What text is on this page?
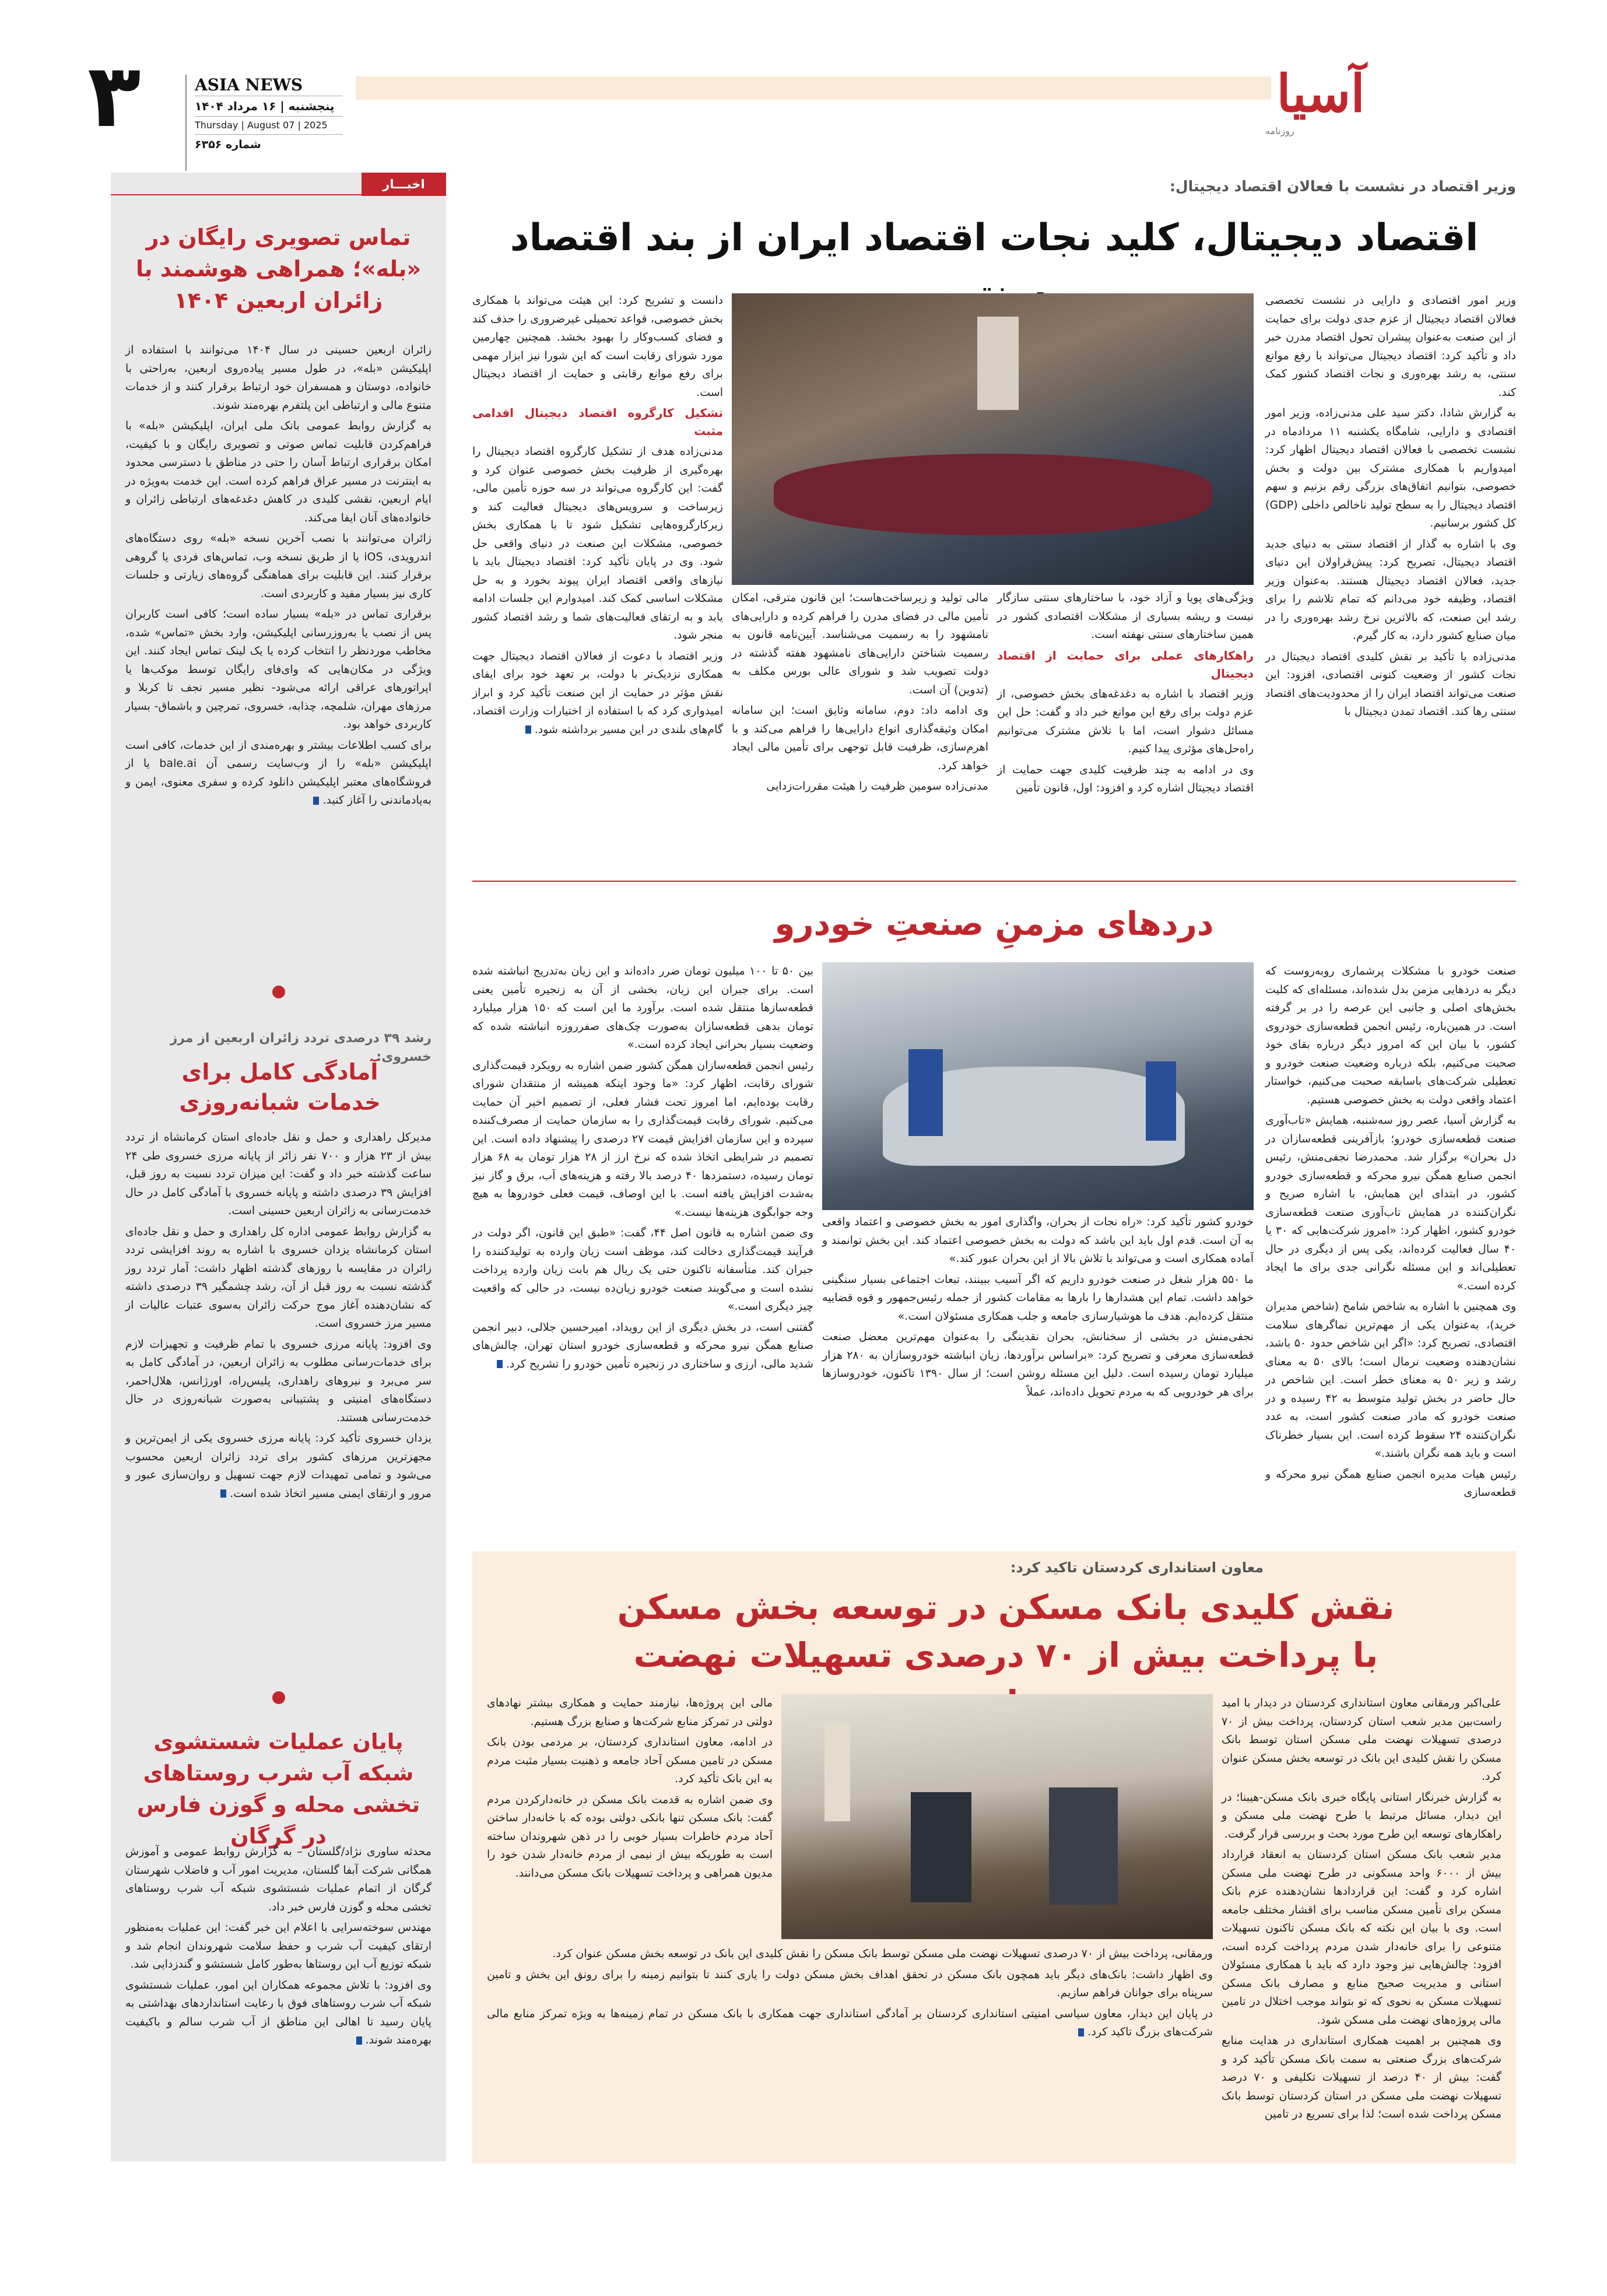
۳	ASIA NEWS
پنجشنبه | ۱۶ مرداد ۱۴۰۴
Thursday | August 07 | 2025
شماره ۶۳۵۶
آسیا
روزنامه
اخبـــار
تماس تصویری رایگان در «بله»؛ همراهی هوشمند با زائران اربعین ۱۴۰۴

زائران اربعین حسینی در سال ۱۴۰۴ می‌توانند با استفاده از اپلیکیشن «بله»، در طول مسیر پیاده‌روی اربعین، به‌راحتی با خانواده، دوستان و همسفران خود ارتباط برقرار کنند و از خدمات متنوع مالی و ارتباطی این پلتفرم بهره‌مند شوند.

به گزارش روابط عمومی بانک ملی ایران، اپلیکیشن «بله» با فراهم‌کردن قابلیت تماس صوتی و تصویری رایگان و با کیفیت، امکان برقراری ارتباط آسان را حتی در مناطق با دسترسی محدود به اینترنت در مسیر عراق فراهم کرده است. این خدمت به‌ویژه در ایام اربعین، نقشی کلیدی در کاهش دغدغه‌های ارتباطی زائران و خانواده‌های آنان ایفا می‌کند.

زائران می‌توانند با نصب آخرین نسخه «بله» روی دستگاه‌های اندرویدی، iOS یا از طریق نسخه وب، تماس‌های فردی یا گروهی برقرار کنند. این قابلیت برای هماهنگی گروه‌های زیارتی و جلسات کاری نیز بسیار مفید و کاربردی است.

برقراری تماس در «بله» بسیار ساده است؛ کافی است کاربران پس از نصب یا به‌روزرسانی اپلیکیشن، وارد بخش «تماس» شده، مخاطب موردنظر را انتخاب کرده یا یک لینک تماس ایجاد کنند. این ویژگی در مکان‌هایی که وای‌فای رایگان توسط موکب‌ها یا اپراتورهای عراقی ارائه می‌شود- نظیر مسیر نجف تا کربلا و مرزهای مهران، شلمچه، چذابه، خسروی، تمرچین و باشماق- بسیار کاربردی خواهد بود.

برای کسب اطلاعات بیشتر و بهره‌مندی از این خدمات، کافی است اپلیکیشن «بله» را از وب‌سایت رسمی آن bale.ai یا از فروشگاه‌های معتبر اپلیکیشن دانلود کرده و سفری معنوی، ایمن و به‌یادماندنی را آغاز کنید.

رشد ۳۹ درصدی تردد زائران اربعین از مرز خسروی:
آمادگی کامل برای خدمات شبانه‌روزی

مدیرکل راهداری و حمل و نقل جاده‌ای استان کرمانشاه از تردد بیش از ۲۳ هزار و ۷۰۰ نفر زائر از پایانه مرزی خسروی طی ۲۴ ساعت گذشته خبر داد و گفت: این میزان تردد نسبت به روز قبل، افزایش ۳۹ درصدی داشته و پایانه خسروی با آمادگی کامل در حال خدمت‌رسانی به زائران اربعین حسینی است.

به گزارش روابط عمومی اداره کل راهداری و حمل و نقل جاده‌ای استان کرمانشاه یزدان خسروی با اشاره به روند افزایشی تردد زائران در مقایسه با روزهای گذشته اظهار داشت: آمار تردد روز گذشته نسبت به روز قبل از آن، رشد چشمگیر ۳۹ درصدی داشته که نشان‌دهنده آغاز موج حرکت زائران به‌سوی عتبات عالیات از مسیر مرز خسروی است.

وی افزود: پایانه مرزی خسروی با تمام ظرفیت و تجهیزات لازم برای خدمات‌رسانی مطلوب به زائران اربعین، در آمادگی کامل به سر می‌برد و نیروهای راهداری، پلیس‌راه، اورژانس، هلال‌احمر، دستگاه‌های امنیتی و پشتیبانی به‌صورت شبانه‌روزی در حال خدمت‌رسانی هستند.

یزدان خسروی تأکید کرد: پایانه مرزی خسروی یکی از ایمن‌ترین و مجهزترین مرزهای کشور برای تردد زائران اربعین محسوب می‌شود و تمامی تمهیدات لازم جهت تسهیل و روان‌سازی عبور و مرور و ارتقای ایمنی مسیر اتخاذ شده است.

پایان عملیات شستشوی شبکه آب شرب روستاهای تخشی محله و گوزن فارس در گرگان

محدثه ساوری نژاد/گلستان – به گزارش روابط عمومی و آموزش همگانی شرکت آبفا گلستان، مدیریت امور آب و فاضلاب شهرستان گرگان از اتمام عملیات شستشوی شبکه آب شرب روستاهای تخشی محله و گوزن فارس خبر داد.

مهندس سوخته‌سرایی با اعلام این خبر گفت: این عملیات به‌منظور ارتقای کیفیت آب شرب و حفظ سلامت شهروندان انجام شد و شبکه توزیع آب این روستاها به‌طور کامل شستشو و گندزدایی شد.

وی افزود: با تلاش مجموعه همکاران این امور، عملیات شستشوی شبکه آب شرب روستاهای فوق با رعایت استانداردهای بهداشتی به پایان رسید تا اهالی این مناطق از آب شرب سالم و باکیفیت بهره‌مند شوند.

وزیر اقتصاد در نشست با فعالان اقتصاد دیجیتال:
اقتصاد دیجیتال، کلید نجات اقتصاد ایران از بند اقتصاد

وزیر امور اقتصادی و دارایی در نشست تخصصی فعالان اقتصاد دیجیتال از عزم جدی دولت برای حمایت از این صنعت به‌عنوان پیشران تحول اقتصاد مدرن خبر داد و تأکید کرد: اقتصاد دیجیتال می‌تواند با رفع موانع سنتی، به رشد بهره‌وری و نجات اقتصاد کشور کمک کند.

به گزارش شادا، دکتر سید علی مدنی‌زاده، وزیر امور اقتصادی و دارایی، شامگاه یکشنبه ۱۱ مردادماه در نشست تخصصی با فعالان اقتصاد دیجیتال اظهار کرد: امیدواریم با همکاری مشترک بین دولت و بخش خصوصی، بتوانیم اتفاق‌های بزرگی رقم بزنیم و سهم اقتصاد دیجیتال را به سطح تولید ناخالص داخلی (GDP) کل کشور برسانیم.

وی با اشاره به گذار از اقتصاد سنتی به دنیای جدید اقتصاد دیجیتال، تصریح کرد: پیش‌قراولان این دنیای جدید، فعالان اقتصاد دیجیتال هستند. به‌عنوان وزیر اقتصاد، وظیفه خود می‌دانم که تمام تلاشم را برای رشد این صنعت، که بالاترین نرخ رشد بهره‌وری را در میان صنایع کشور دارد، به کار گیرم.

مدنی‌زاده با تأکید بر نقش کلیدی اقتصاد دیجیتال در نجات کشور از وضعیت کنونی اقتصادی، افزود: این صنعت می‌تواند اقتصاد ایران را از محدودیت‌های اقتصاد سنتی رها کند. اقتصاد تمدن دیجیتال با

ویژگی‌های پویا و آزاد خود، با ساختارهای سنتی سازگار نیست و ریشه بسیاری از مشکلات اقتصادی کشور در همین ساختارهای سنتی نهفته است.

راهکارهای عملی برای حمایت از اقتصاد دیجیتال

وزیر اقتصاد با اشاره به دغدغه‌های بخش خصوصی، از عزم دولت برای رفع این موانع خبر داد و گفت: حل این مسائل دشوار است، اما با تلاش مشترک می‌توانیم راه‌حل‌های مؤثری پیدا کنیم.

وی در ادامه به چند ظرفیت کلیدی جهت حمایت از اقتصاد دیجیتال اشاره کرد و افزود: اول، قانون تأمین

مالی تولید و زیرساخت‌هاست؛ این قانون مترقی، امکان تأمین مالی در فضای مدرن را فراهم کرده و دارایی‌های نامشهود را به رسمیت می‌شناسد. آیین‌نامه قانون به رسمیت شناختن دارایی‌های نامشهود هفته گذشته در دولت تصویب شد و شورای عالی بورس مکلف به (تدوین) آن است.

وی ادامه داد: دوم، سامانه وثایق است؛ این سامانه امکان وثیقه‌گذاری انواع دارایی‌ها را فراهم می‌کند و با اهرم‌سازی، ظرفیت قابل توجهی برای تأمین مالی ایجاد خواهد کرد.

مدنی‌زاده سومین ظرفیت را هیئت مقررات‌زدایی

دانست و تشریح کرد: این هیئت می‌تواند با همکاری بخش خصوصی، قواعد تحمیلی غیرضروری را حذف کند و فضای کسب‌وکار را بهبود بخشد. همچنین چهارمین مورد شورای رقابت است که این شورا نیز ابزار مهمی برای رفع موانع رقابتی و حمایت از اقتصاد دیجیتال است.

تشکیل کارگروه اقتصاد دیجیتال اقدامی مثبت

مدنی‌زاده هدف از تشکیل کارگروه اقتصاد دیجیتال را بهره‌گیری از ظرفیت بخش خصوصی عنوان کرد و گفت: این کارگروه می‌تواند در سه حوزه تأمین مالی، زیرساخت و سرویس‌های دیجیتال فعالیت کند و زیرکارگروه‌هایی تشکیل شود تا با همکاری بخش خصوصی، مشکلات این صنعت در دنیای واقعی حل شود. وی در پایان تأکید کرد: اقتصاد دیجیتال باید با نیازهای واقعی اقتصاد ایران پیوند بخورد و به حل مشکلات اساسی کمک کند. امیدوارم این جلسات ادامه یابد و به ارتقای فعالیت‌های شما و رشد اقتصاد کشور منجر شود.

وزیر اقتصاد با دعوت از فعالان اقتصاد دیجیتال جهت همکاری نزدیک‌تر با دولت، بر تعهد خود برای ایفای نقش مؤثر در حمایت از این صنعت تأکید کرد و ابراز امیدواری کرد که با استفاده از اختیارات وزارت اقتصاد، گام‌های بلندی در این مسیر برداشته شود.

دردهای مزمنِ صنعتِ خودرو

صنعت خودرو با مشکلات پرشماری روبه‌روست که دیگر به دردهایی مزمن بدل شده‌اند، مسئله‌ای که کلیت بخش‌های اصلی و جانبی این عرصه را در بر گرفته است. در همین‌باره، رئیس انجمن قطعه‌سازی خودروی کشور، با بیان این که امروز دیگر درباره بقای خود صحبت می‌کنیم، بلکه درباره وضعیت صنعت خودرو و تعطیلی شرکت‌های باسابقه صحبت می‌کنیم، خواستار اعتماد واقعی دولت به بخش خصوصی هستیم.

به گزارش آسیا، عصر روز سه‌شنبه، همایش «تاب‌آوری صنعت قطعه‌سازی خودرو؛ بازآفرینی قطعه‌سازان در دل بحران» برگزار شد. محمدرضا نجفی‌منش، رئیس انجمن صنایع همگن نیرو محرکه و قطعه‌سازی خودرو کشور، در ابتدای این همایش، با اشاره صریح و نگران‌کننده در همایش تاب‌آوری صنعت قطعه‌سازی خودرو کشور، اظهار کرد: «امروز شرکت‌هایی که ۳۰ یا ۴۰ سال فعالیت کرده‌اند، یکی پس از دیگری در حال تعطیلی‌اند و این مسئله نگرانی جدی برای ما ایجاد کرده است.»

وی همچنین با اشاره به شاخص شامخ (شاخص مدیران خرید)، به‌عنوان یکی از مهم‌ترین نماگرهای سلامت اقتصادی، تصریح کرد: «اگر این شاخص حدود ۵۰ باشد، نشان‌دهنده وضعیت نرمال است؛ بالای ۵۰ به معنای رشد و زیر ۵۰ به معنای خطر است. این شاخص در حال حاضر در بخش تولید متوسط به ۴۲ رسیده و در صنعت خودرو که مادر صنعت کشور است، به عدد نگران‌کننده ۲۴ سقوط کرده است. این بسیار خطرناک است و باید همه نگران باشند.»

رئیس هیات مدیره انجمن صنایع همگن نیرو محرکه و قطعه‌سازی

خودرو کشور تأکید کرد: «راه نجات از بحران، واگذاری امور به بخش خصوصی و اعتماد واقعی به آن است. قدم اول باید این باشد که دولت به بخش خصوصی اعتماد کند. این بخش توانمند و آماده همکاری است و می‌تواند با تلاش بالا از این بحران عبور کند.»

ما ۵۵۰ هزار شغل در صنعت خودرو داریم که اگر آسیب ببینند، تبعات اجتماعی بسیار سنگینی خواهد داشت. تمام این هشدارها را بارها به مقامات کشور از جمله رئیس‌جمهور و قوه قضاییه منتقل کرده‌ایم. هدف ما هوشیارسازی جامعه و جلب همکاری مسئولان است.»

نجفی‌منش در بخشی از سخنانش، بحران نقدینگی را به‌عنوان مهم‌ترین معضل صنعت قطعه‌سازی معرفی و تصریح کرد: «براساس برآوردها، زیان انباشته خودروسازان به ۲۸۰ هزار میلیارد تومان رسیده است. دلیل این مسئله روشن است؛ از سال ۱۳۹۰ تاکنون، خودروسازها برای هر خودرویی که به مردم تحویل داده‌اند، عملاً

بین ۵۰ تا ۱۰۰ میلیون تومان ضرر داده‌اند و این زیان به‌تدریج انباشته شده است. برای جبران این زیان، بخشی از آن به زنجیره تأمین یعنی قطعه‌سازها منتقل شده است. برآورد ما این است که ۱۵۰ هزار میلیارد تومان بدهی قطعه‌سازان به‌صورت چک‌های صفرروزه انباشته شده که وضعیت بسیار بحرانی ایجاد کرده است.»

رئیس انجمن قطعه‌سازان همگن کشور ضمن اشاره به رویکرد قیمت‌گذاری شورای رقابت، اظهار کرد: «ما وجود اینکه همیشه از منتقدان شورای رقابت بوده‌ایم، اما امروز تحت فشار فعلی، از تصمیم اخیر آن حمایت می‌کنیم. شورای رقابت قیمت‌گذاری را به سازمان حمایت از مصرف‌کننده سپرده و این سازمان افزایش قیمت ۲۷ درصدی را پیشنهاد داده است. این تصمیم در شرایطی اتخاذ شده که نرخ ارز از ۲۸ هزار تومان به ۶۸ هزار تومان رسیده، دستمزدها ۴۰ درصد بالا رفته و هزینه‌های آب، برق و گاز نیز به‌شدت افزایش یافته است. با این اوصاف، قیمت فعلی خودروها به هیچ وجه جوابگوی هزینه‌ها نیست.»

وی ضمن اشاره به قانون اصل ۴۴، گفت: «طبق این قانون، اگر دولت در فرآیند قیمت‌گذاری دخالت کند، موظف است زیان وارده به تولیدکننده را جبران کند. متأسفانه تاکنون حتی یک ریال هم بابت زیان وارده پرداخت نشده است و می‌گویند صنعت خودرو زیان‌ده نیست، در حالی که واقعیت چیز دیگری است.»

گفتنی است، در بخش دیگری از این رویداد، امیرحسین جلالی، دبیر انجمن صنایع همگن نیرو محرکه و قطعه‌سازی خودرو استان تهران، چالش‌های شدید مالی، ارزی و ساختاری در زنجیره تأمین خودرو را تشریح کرد.

معاون استانداری کردستان تاکید کرد:
نقش کلیدی بانک مسکن در توسعه بخش مسکن با پرداخت بیش از ۷۰ درصدی تسهیلات نهضت

علی‌اکبر ورمقانی معاون استانداری کردستان در دیدار با امید راست‌بین مدیر شعب استان کردستان، پرداخت بیش از ۷۰ درصدی تسهیلات نهضت ملی مسکن استان توسط بانک مسکن را نقش کلیدی این بانک در توسعه بخش مسکن عنوان کرد.

به گزارش خبرنگار استانی پایگاه خبری بانک مسکن-هیبنا؛ در این دیدار، مسائل مرتبط با طرح نهضت ملی مسکن و راهکارهای توسعه این طرح مورد بحث و بررسی قرار گرفت.

مدیر شعب بانک مسکن استان کردستان به انعقاد قرارداد بیش از ۶۰۰۰ واحد مسکونی در طرح نهضت ملی مسکن اشاره کرد و گفت: این قراردادها نشان‌دهنده عزم بانک مسکن برای تأمین مسکن مناسب برای اقشار مختلف جامعه است. وی با بیان این نکته که بانک مسکن تاکنون تسهیلات متنوعی را برای خانه‌دار شدن مردم پرداخت کرده است، افزود: چالش‌هایی نیز وجود دارد که باید با همکاری مسئولان استانی و مدیریت صحیح منابع و مصارف بانک مسکن تسهیلات مسکن به نحوی که تو بتواند موجب اختلال در تامین مالی پروژه‌های نهضت ملی مسکن شود.

وی همچنین بر اهمیت همکاری استانداری در هدایت منابع شرکت‌های بزرگ صنعتی به سمت بانک مسکن تأکید کرد و گفت: بیش از ۴۰ درصد از تسهیلات تکلیفی و ۷۰ درصد تسهیلات نهضت ملی مسکن در استان کردستان توسط بانک مسکن پرداخت شده است؛ لذا برای تسریع در تامین

مالی این پروژه‌ها، نیازمند حمایت و همکاری بیشتر نهادهای دولتی در تمرکز منابع شرکت‌ها و صنایع بزرگ هستیم.

در ادامه، معاون استانداری کردستان، بر مردمی بودن بانک مسکن در تامین مسکن آحاد جامعه و ذهنیت بسیار مثبت مردم به این بانک تأکید کرد.

وی ضمن اشاره به قدمت بانک مسکن در خانه‌دارکردن مردم گفت: بانک مسکن تنها بانکی دولتی بوده که با خانه‌دار ساختن آحاد مردم خاطرات بسیار خوبی را در ذهن شهروندان ساخته است به طوریکه بیش از نیمی از مردم خانه‌دار شدن خود را مدیون همراهی و پرداخت تسهیلات بانک مسکن می‌دانند.

ورمقانی، پرداخت بیش از ۷۰ درصدی تسهیلات نهضت ملی مسکن توسط بانک مسکن را نقش کلیدی این بانک در توسعه بخش مسکن عنوان کرد.

وی اظهار داشت: بانک‌های دیگر باید همچون بانک مسکن در تحقق اهداف بخش مسکن دولت را یاری کنند تا بتوانیم زمینه را برای رونق این بخش و تامین سرپناه برای جوانان فراهم سازیم.

در پایان این دیدار، معاون سیاسی امنیتی استانداری کردستان بر آمادگی استانداری جهت همکاری با بانک مسکن در تمام زمینه‌ها به ویژه تمرکز منابع مالی شرکت‌های بزرگ تاکید کرد.
